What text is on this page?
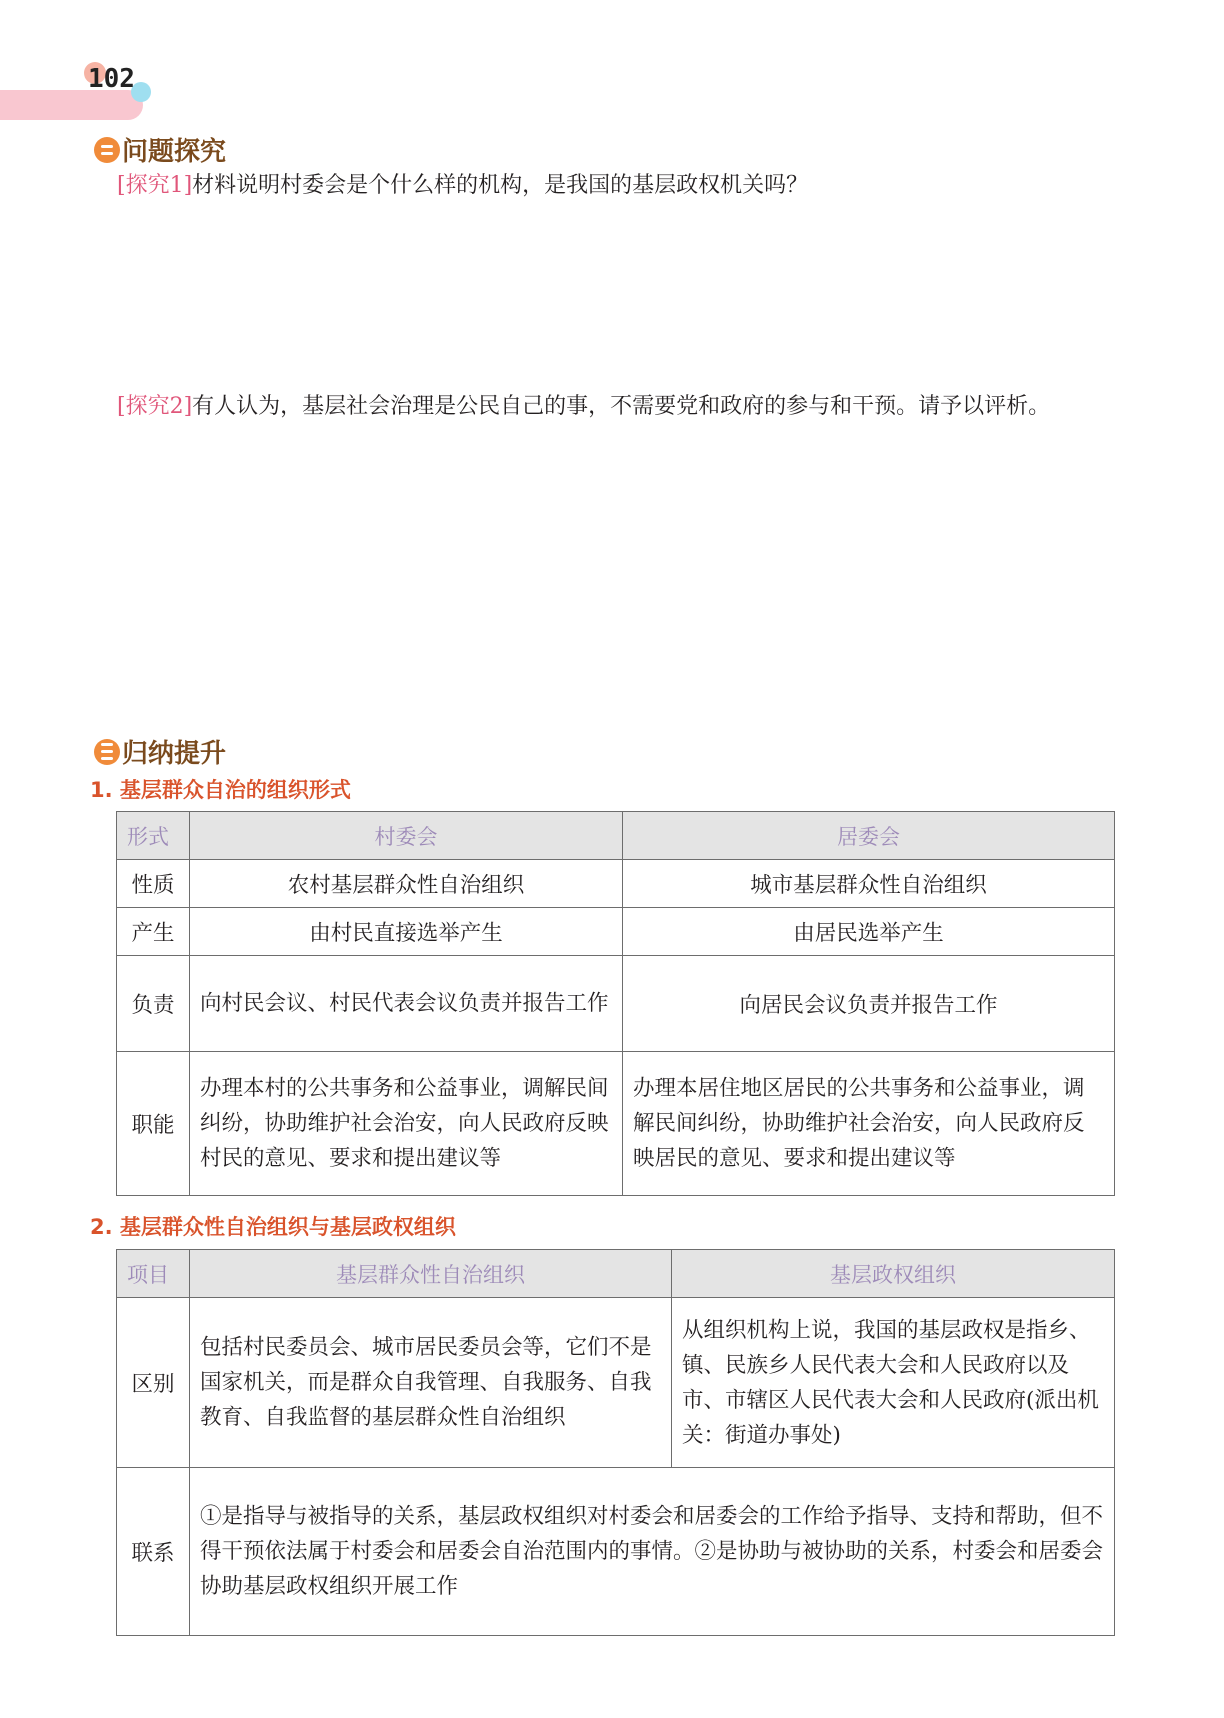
102
问题探究
[探究1]材料说明村委会是个什么样的机构，是我国的基层政权机关吗？
[探究2]有人认为，基层社会治理是公民自己的事，不需要党和政府的参与和干预。请予以评析。
归纳提升
1. 基层群众自治的组织形式
形式	村委会	居委会
性质	农村基层群众性自治组织	城市基层群众性自治组织
产生	由村民直接选举产生	由居民选举产生
负责	向村民会议、村民代表会议负责并报告工作	向居民会议负责并报告工作
职能	办理本村的公共事务和公益事业，调解民间纠纷，协助维护社会治安，向人民政府反映村民的意见、要求和提出建议等	办理本居住地区居民的公共事务和公益事业，调解民间纠纷，协助维护社会治安，向人民政府反映居民的意见、要求和提出建议等
2. 基层群众性自治组织与基层政权组织
项目	基层群众性自治组织	基层政权组织
区别	包括村民委员会、城市居民委员会等，它们不是国家机关，而是群众自我管理、自我服务、自我教育、自我监督的基层群众性自治组织	从组织机构上说，我国的基层政权是指乡、镇、民族乡人民代表大会和人民政府以及市、市辖区人民代表大会和人民政府(派出机关：街道办事处)
联系	①是指导与被指导的关系，基层政权组织对村委会和居委会的工作给予指导、支持和帮助，但不得干预依法属于村委会和居委会自治范围内的事情。②是协助与被协助的关系，村委会和居委会协助基层政权组织开展工作	
